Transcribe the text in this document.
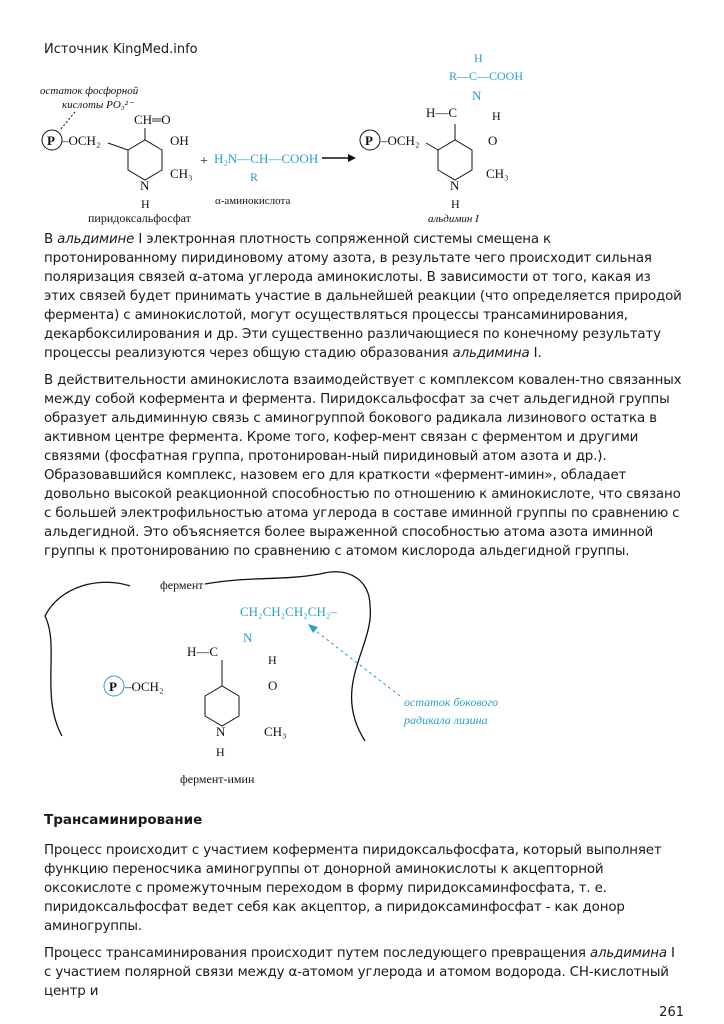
Источник KingMed.info
остаток фосфорной
кислоты PO₃²⁻
P –OCH₂
CH═O
OH
CH₃
N
H
пиридоксальфосфат
+ H₂N—CH—COOH
R
α-аминокислота
P –OCH₂
H—C
N
R—C—COOH
H
H
O
CH₃
N
H
альдимин I

В альдимине I электронная плотность сопряженной системы смещена к протонированному пиридиновому атому азота, в результате чего происходит сильная поляризация связей α-атома углерода аминокислоты. В зависимости от того, какая из этих связей будет принимать участие в дальнейшей реакции (что определяется природой фермента) с аминокислотой, могут осуществляться процессы трансаминирования, декарбоксилирования и др. Эти существенно различающиеся по конечному результату процессы реализуются через общую стадию образования альдимина I.

В действительности аминокислота взаимодействует с комплексом ковален-тно связанных между собой кофермента и фермента. Пиридоксальфосфат за счет альдегидной группы образует альдиминную связь с аминогруппой бокового радикала лизинового остатка в активном центре фермента. Кроме того, кофер-мент связан с ферментом и другими связями (фосфатная группа, протонирован-ный пиридиновый атом азота и др.).

Образовавшийся комплекс, назовем его для краткости «фермент-имин», обладает довольно высокой реакционной способностью по отношению к аминокислоте, что связано с большей электрофильностью атома углерода в составе иминной группы по сравнению с альдегидной. Это объясняется более выраженной способностью атома азота иминной группы к протонированию по сравнению с атомом кислорода альдегидной группы.

фермент
CH₂CH₂CH₂CH₂–
N
H—C
H
O
P –OCH₂
CH₃
N
H
фермент-имин
остаток бокового
радикала лизина
Трансаминирование

Процесс происходит с участием кофермента пиридоксальфосфата, который выполняет функцию переносчика аминогруппы от донорной аминокислоты к акцепторной оксокислоте с промежуточным переходом в форму пиридоксаминфосфата, т. е. пиридоксальфосфат ведет себя как акцептор, а пиридоксаминфосфат - как донор аминогруппы.

Процесс трансаминирования происходит путем последующего превращения альдимина I с участием полярной связи между α-атомом углерода и атомом водорода. CH-кислотный центр и

261
